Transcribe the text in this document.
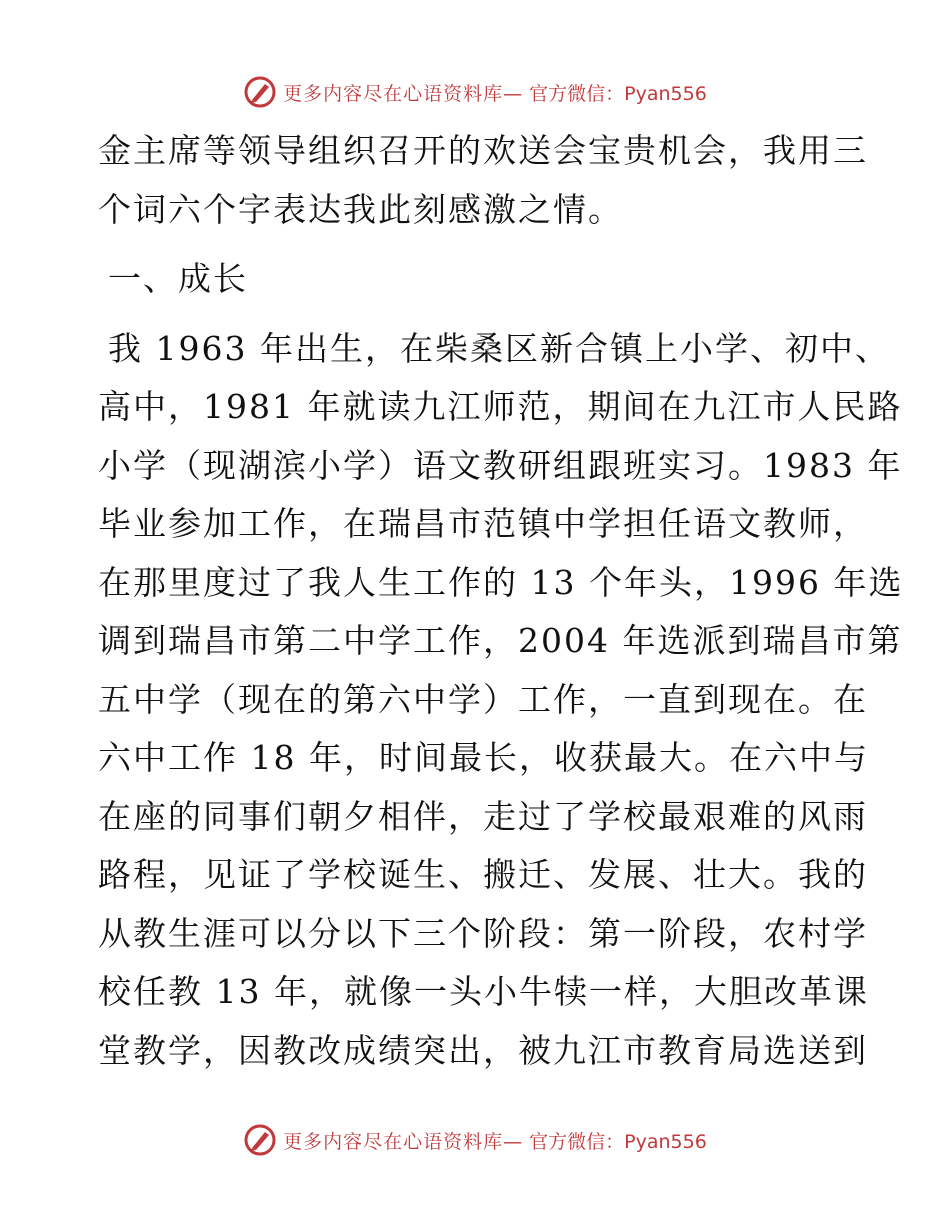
更多内容尽在心语资料库— 官方微信：Pyan556

金主席等领导组织召开的欢送会宝贵机会，我用三
个词六个字表达我此刻感激之情。

一、成长

我 1963 年出生，在柴桑区新合镇上小学、初中、
高中，1981 年就读九江师范，期间在九江市人民路
小学（现湖滨小学）语文教研组跟班实习。1983 年
毕业参加工作，在瑞昌市范镇中学担任语文教师，
在那里度过了我人生工作的 13 个年头，1996 年选
调到瑞昌市第二中学工作，2004 年选派到瑞昌市第
五中学（现在的第六中学）工作，一直到现在。在
六中工作 18 年，时间最长，收获最大。在六中与
在座的同事们朝夕相伴，走过了学校最艰难的风雨
路程，见证了学校诞生、搬迁、发展、壮大。我的
从教生涯可以分以下三个阶段：第一阶段，农村学
校任教 13 年，就像一头小牛犊一样，大胆改革课
堂教学，因教改成绩突出，被九江市教育局选送到

更多内容尽在心语资料库— 官方微信：Pyan556
